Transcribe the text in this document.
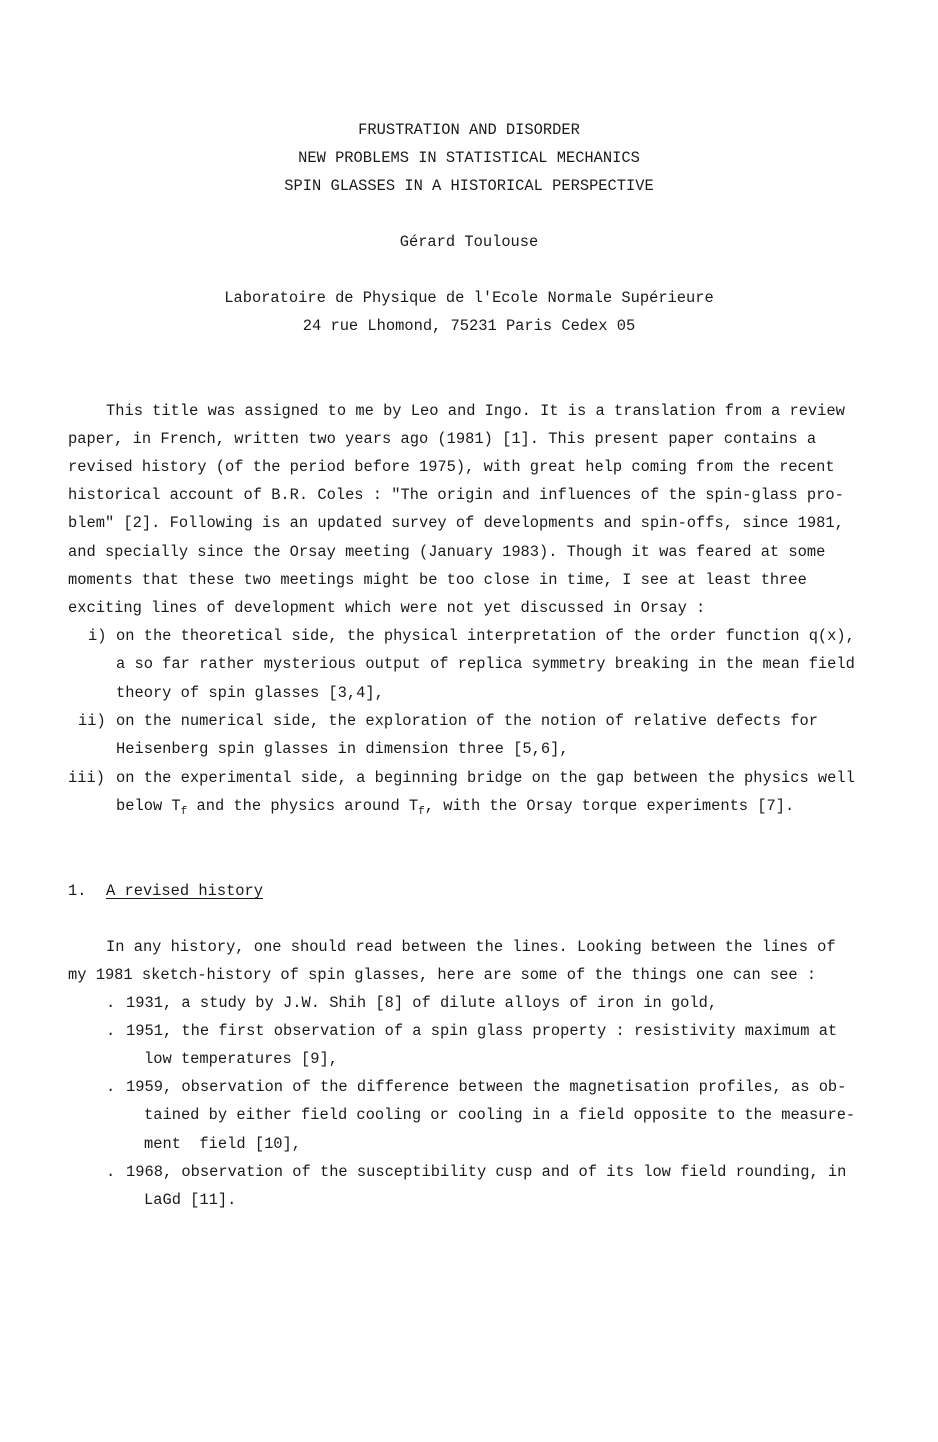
FRUSTRATION AND DISORDER
NEW PROBLEMS IN STATISTICAL MECHANICS
SPIN GLASSES IN A HISTORICAL PERSPECTIVE
Gérard Toulouse
Laboratoire de Physique de l'Ecole Normale Supérieure
24 rue Lhomond, 75231 Paris Cedex 05
This title was assigned to me by Leo and Ingo. It is a translation from a review
paper, in French, written two years ago (1981) [1]. This present paper contains a
revised history (of the period before 1975), with great help coming from the recent
historical account of B.R. Coles : "The origin and influences of the spin-glass pro-
blem" [2]. Following is an updated survey of developments and spin-offs, since 1981,
and specially since the Orsay meeting (January 1983). Though it was feared at some
moments that these two meetings might be too close in time, I see at least three
exciting lines of development which were not yet discussed in Orsay :
i) on the theoretical side, the physical interpretation of the order function q(x),
a so far rather mysterious output of replica symmetry breaking in the mean field
theory of spin glasses [3,4],
ii) on the numerical side, the exploration of the notion of relative defects for
Heisenberg spin glasses in dimension three [5,6],
iii) on the experimental side, a beginning bridge on the gap between the physics well
below $T_f$ and the physics around $T_f$, with the Orsay torque experiments [7].
1. A revised history
In any history, one should read between the lines. Looking between the lines of
my 1981 sketch-history of spin glasses, here are some of the things one can see :
. 1931, a study by J.W. Shih [8] of dilute alloys of iron in gold,
. 1951, the first observation of a spin glass property : resistivity maximum at
low temperatures [9],
. 1959, observation of the difference between the magnetisation profiles, as ob-
tained by either field cooling or cooling in a field opposite to the measure-
ment  field [10],
. 1968, observation of the susceptibility cusp and of its low field rounding, in
LaGd [11].
